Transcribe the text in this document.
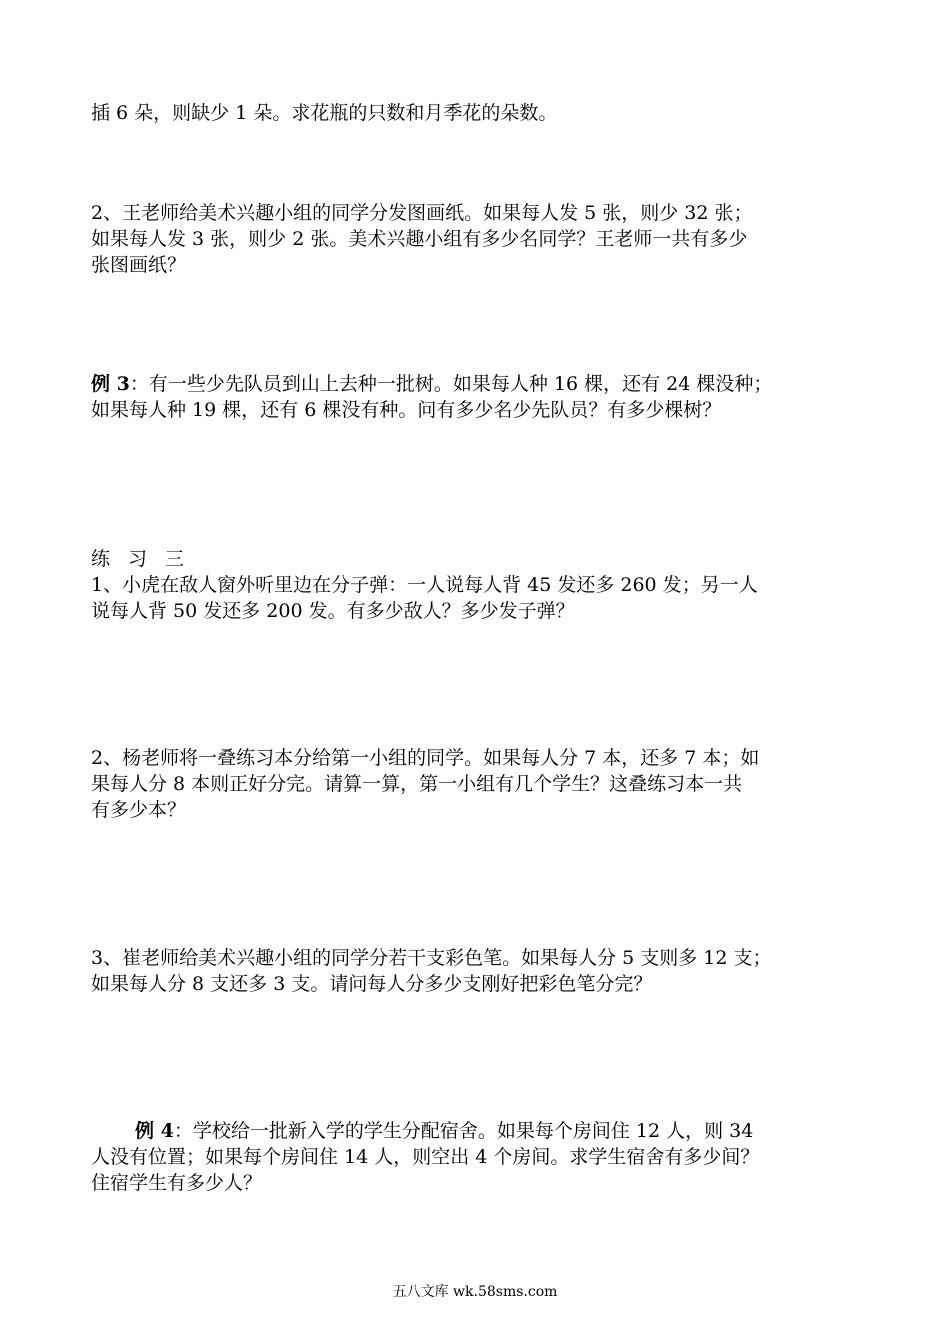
插 6 朵，则缺少 1 朵。求花瓶的只数和月季花的朵数。
2、王老师给美术兴趣小组的同学分发图画纸。如果每人发 5 张，则少 32 张；
如果每人发 3 张，则少 2 张。美术兴趣小组有多少名同学？王老师一共有多少
张图画纸？
例 3：有一些少先队员到山上去种一批树。如果每人种 16 棵，还有 24 棵没种；
如果每人种 19 棵，还有 6 棵没有种。问有多少名少先队员？有多少棵树？
练习三
1、小虎在敌人窗外听里边在分子弹：一人说每人背 45 发还多 260 发；另一人
说每人背 50 发还多 200 发。有多少敌人？多少发子弹？
2、杨老师将一叠练习本分给第一小组的同学。如果每人分 7 本，还多 7 本；如
果每人分 8 本则正好分完。请算一算，第一小组有几个学生？这叠练习本一共
有多少本？
3、崔老师给美术兴趣小组的同学分若干支彩色笔。如果每人分 5 支则多 12 支；
如果每人分 8 支还多 3 支。请问每人分多少支刚好把彩色笔分完？
例 4：学校给一批新入学的学生分配宿舍。如果每个房间住 12 人，则 34
人没有位置；如果每个房间住 14 人，则空出 4 个房间。求学生宿舍有多少间？
住宿学生有多少人？
五八文库 wk.58sms.com
